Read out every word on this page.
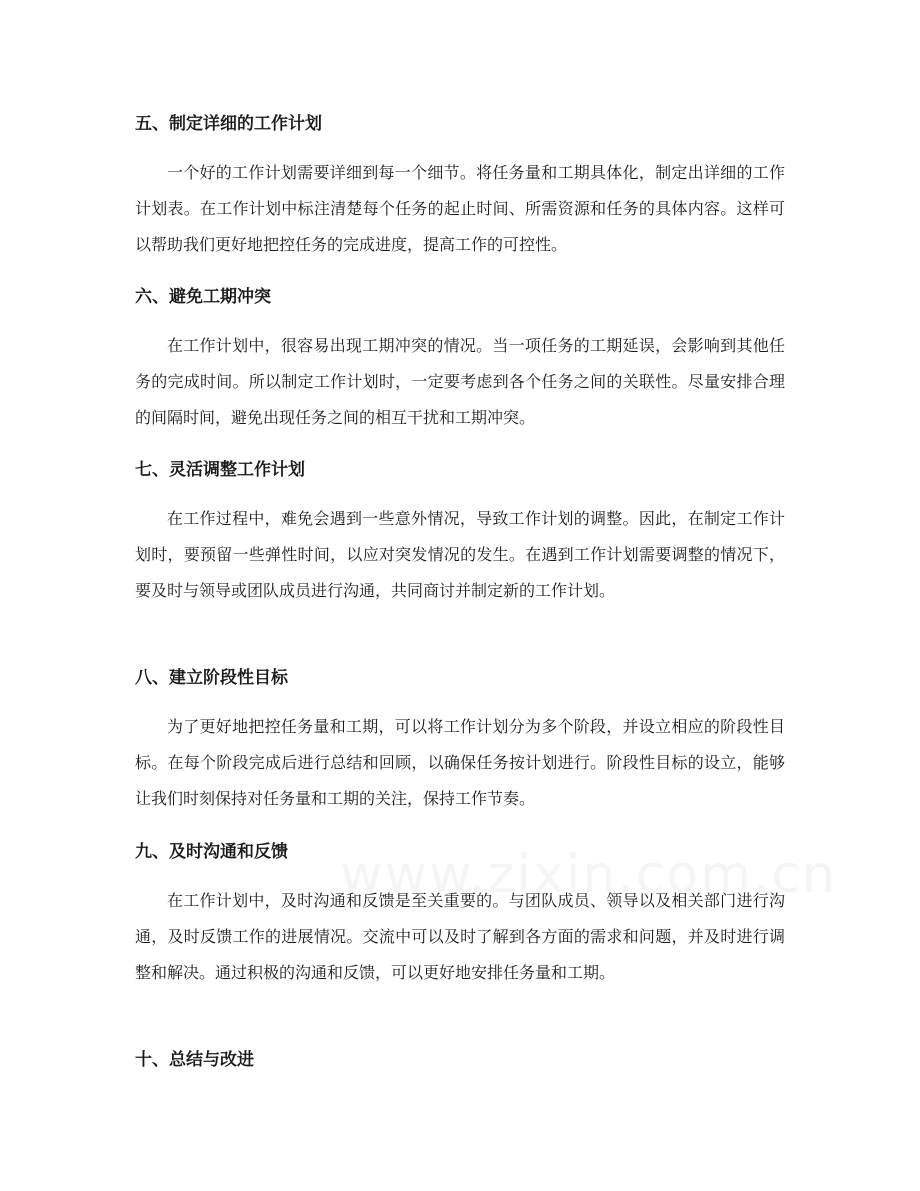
五、制定详细的工作计划

一个好的工作计划需要详细到每一个细节。将任务量和工期具体化，制定出详细的工作计划表。在工作计划中标注清楚每个任务的起止时间、所需资源和任务的具体内容。这样可以帮助我们更好地把控任务的完成进度，提高工作的可控性。

六、避免工期冲突

在工作计划中，很容易出现工期冲突的情况。当一项任务的工期延误，会影响到其他任务的完成时间。所以制定工作计划时，一定要考虑到各个任务之间的关联性。尽量安排合理的间隔时间，避免出现任务之间的相互干扰和工期冲突。

七、灵活调整工作计划

在工作过程中，难免会遇到一些意外情况，导致工作计划的调整。因此，在制定工作计划时，要预留一些弹性时间，以应对突发情况的发生。在遇到工作计划需要调整的情况下，要及时与领导或团队成员进行沟通，共同商讨并制定新的工作计划。

八、建立阶段性目标

为了更好地把控任务量和工期，可以将工作计划分为多个阶段，并设立相应的阶段性目标。在每个阶段完成后进行总结和回顾，以确保任务按计划进行。阶段性目标的设立，能够让我们时刻保持对任务量和工期的关注，保持工作节奏。

九、及时沟通和反馈

在工作计划中，及时沟通和反馈是至关重要的。与团队成员、领导以及相关部门进行沟通，及时反馈工作的进展情况。交流中可以及时了解到各方面的需求和问题，并及时进行调整和解决。通过积极的沟通和反馈，可以更好地安排任务量和工期。

十、总结与改进
